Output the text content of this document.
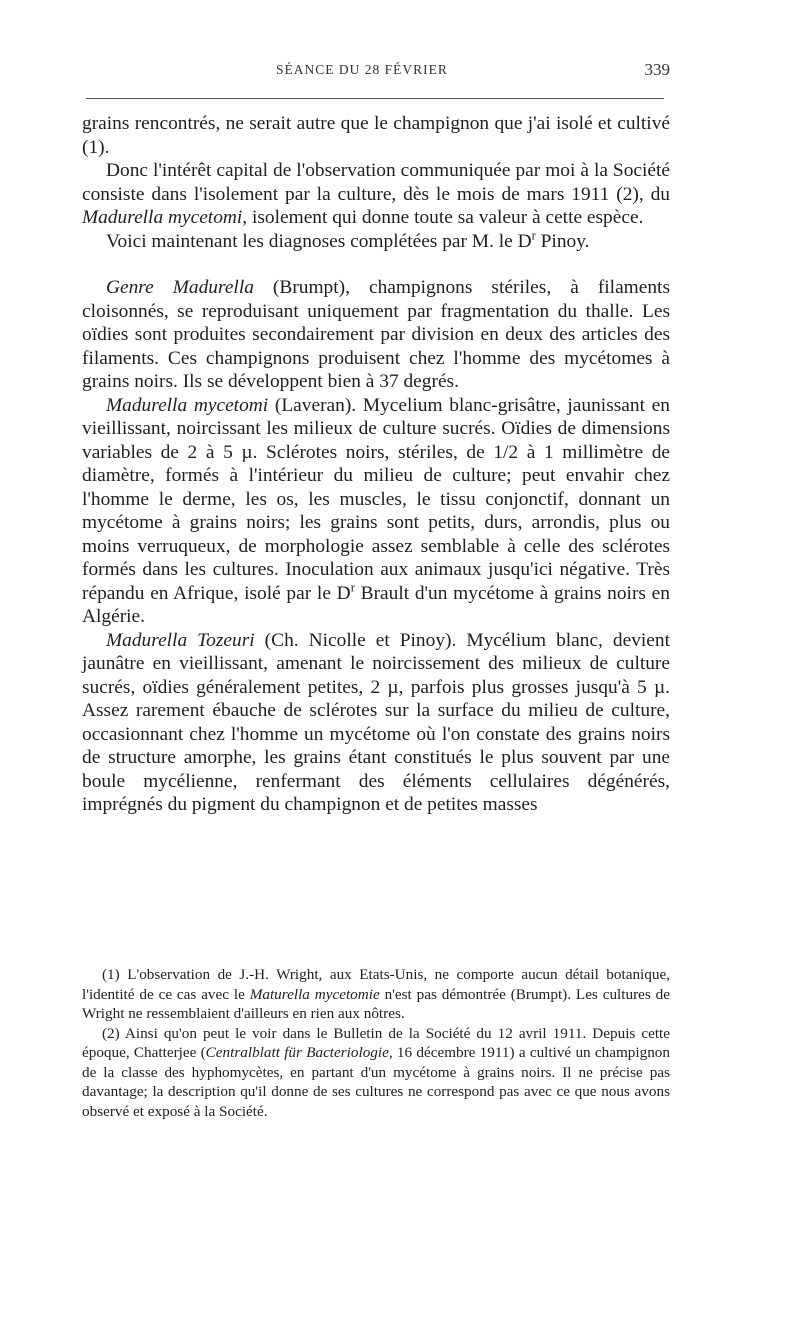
SÉANCE DU 28 FÉVRIER	339

grains rencontrés, ne serait autre que le champignon que j'ai isolé et cultivé (1).

Donc l'intérêt capital de l'observation communiquée par moi à la Société consiste dans l'isolement par la culture, dès le mois de mars 1911 (2), du Madurella mycetomi, isolement qui donne toute sa valeur à cette espèce.

Voici maintenant les diagnoses complétées par M. le $D^r$ Pinoy.

Genre Madurella (Brumpt), champignons stériles, à filaments cloisonnés, se reproduisant uniquement par fragmentation du thalle. Les oïdies sont produites secondairement par division en deux des articles des filaments. Ces champignons produisent chez l'homme des mycétomes à grains noirs. Ils se développent bien à 37 degrés.

Madurella mycetomi (Laveran). Mycelium blanc-grisâtre, jaunissant en vieillissant, noircissant les milieux de culture sucrés. Oïdies de dimensions variables de 2 à 5 µ. Sclérotes noirs, stériles, de 1/2 à 1 millimètre de diamètre, formés à l'intérieur du milieu de culture; peut envahir chez l'homme le derme, les os, les muscles, le tissu conjonctif, donnant un mycétome à grains noirs; les grains sont petits, durs, arrondis, plus ou moins verruqueux, de morphologie assez semblable à celle des sclérotes formés dans les cultures. Inoculation aux animaux jusqu'ici négative. Très répandu en Afrique, isolé par le $D^r$ Brault d'un mycétome à grains noirs en Algérie.

Madurella Tozeuri (Ch. Nicolle et Pinoy). Mycélium blanc, devient jaunâtre en vieillissant, amenant le noircissement des milieux de culture sucrés, oïdies généralement petites, 2 µ, parfois plus grosses jusqu'à 5 µ. Assez rarement ébauche de sclérotes sur la surface du milieu de culture, occasionnant chez l'homme un mycétome où l'on constate des grains noirs de structure amorphe, les grains étant constitués le plus souvent par une boule mycélienne, renfermant des éléments cellulaires dégénérés, imprégnés du pigment du champignon et de petites masses

(1) L'observation de J.-H. Wright, aux Etats-Unis, ne comporte aucun détail botanique, l'identité de ce cas avec le Maturella mycetomie n'est pas démontrée (Brumpt). Les cultures de Wright ne ressemblaient d'ailleurs en rien aux nôtres.

(2) Ainsi qu'on peut le voir dans le Bulletin de la Société du 12 avril 1911. Depuis cette époque, Chatterjee (Centralblatt für Bacteriologie, 16 décembre 1911) a cultivé un champignon de la classe des hyphomycètes, en partant d'un mycétome à grains noirs. Il ne précise pas davantage; la description qu'il donne de ses cultures ne correspond pas avec ce que nous avons observé et exposé à la Société.
